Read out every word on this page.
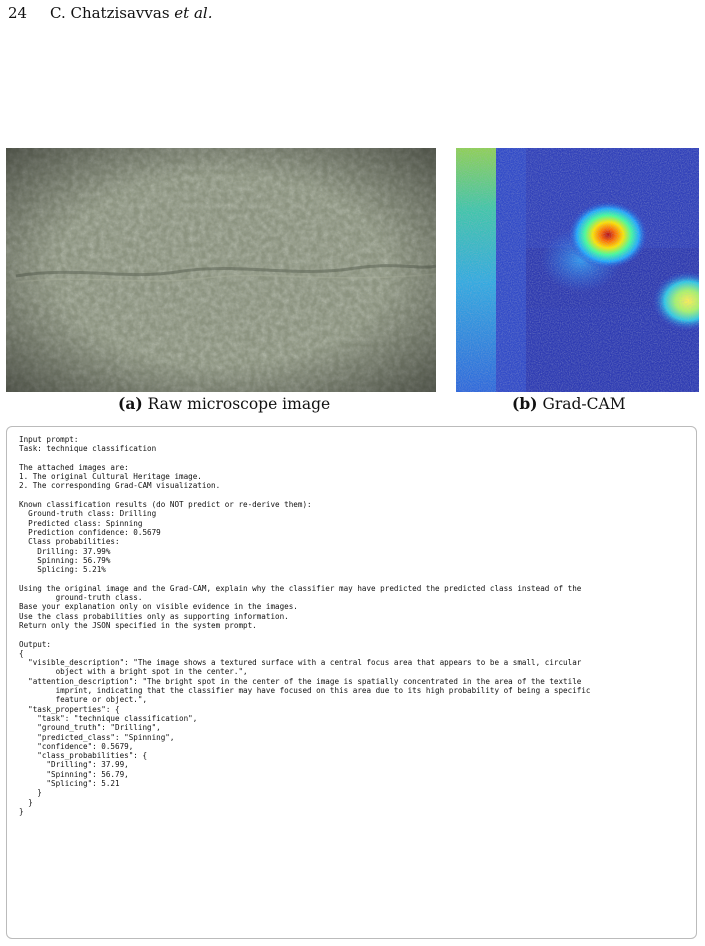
24 C. Chatzisavvas et al.
(a) Raw microscope image	(b) Grad-CAM
Input prompt:
Task: technique classification

The attached images are:
1. The original Cultural Heritage image.
2. The corresponding Grad-CAM visualization.

Known classification results (do NOT predict or re-derive them):
Ground-truth class: Drilling
Predicted class: Spinning
Prediction confidence: 0.5679
Class probabilities:
Drilling: 37.99%
Spinning: 56.79%
Splicing: 5.21%

Using the original image and the Grad-CAM, explain why the classifier may have predicted the predicted class instead of the
ground-truth class.
Base your explanation only on visible evidence in the images.
Use the class probabilities only as supporting information.
Return only the JSON specified in the system prompt.

Output:
{
"visible_description": "The image shows a textured surface with a central focus area that appears to be a small, circular
object with a bright spot in the center.",
"attention_description": "The bright spot in the center of the image is spatially concentrated in the area of the textile
imprint, indicating that the classifier may have focused on this area due to its high probability of being a specific
feature or object.",
"task_properties": {
"task": "technique classification",
"ground_truth": "Drilling",
"predicted_class": "Spinning",
"confidence": 0.5679,
"class_probabilities": {
"Drilling": 37.99,
"Spinning": 56.79,
"Splicing": 5.21
}
}
}
